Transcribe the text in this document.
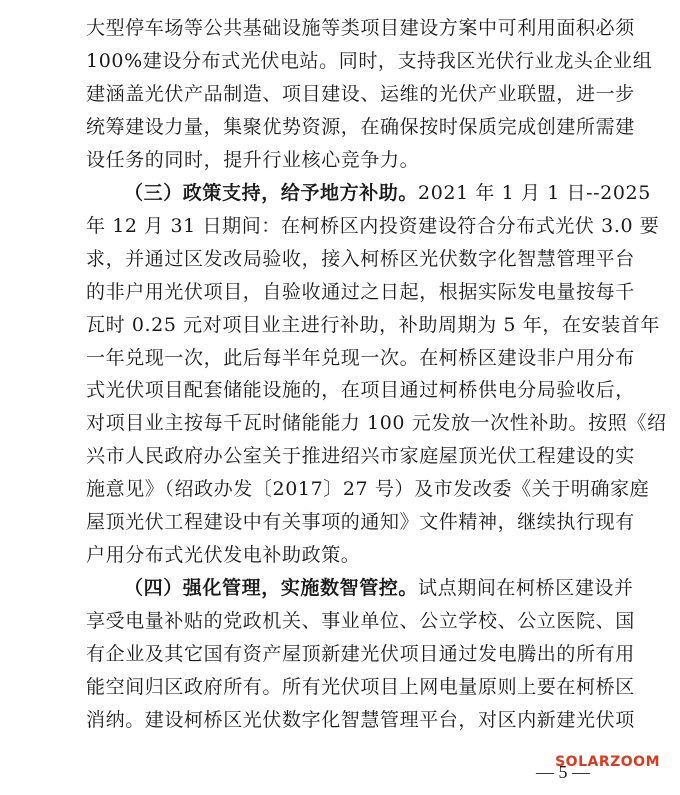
大型停车场等公共基础设施等类项目建设方案中可利用面积必须
100%建设分布式光伏电站。同时，支持我区光伏行业龙头企业组
建涵盖光伏产品制造、项目建设、运维的光伏产业联盟，进一步
统筹建设力量，集聚优势资源，在确保按时保质完成创建所需建
设任务的同时，提升行业核心竞争力。
（三）政策支持，给予地方补助。2021 年 1 月 1 日--2025
年 12 月 31 日期间：在柯桥区内投资建设符合分布式光伏 3.0 要
求，并通过区发改局验收，接入柯桥区光伏数字化智慧管理平台
的非户用光伏项目，自验收通过之日起，根据实际发电量按每千
瓦时 0.25 元对项目业主进行补助，补助周期为 5 年，在安装首年
一年兑现一次，此后每半年兑现一次。在柯桥区建设非户用分布
式光伏项目配套储能设施的，在项目通过柯桥供电分局验收后，
对项目业主按每千瓦时储能能力 100 元发放一次性补助。按照《绍
兴市人民政府办公室关于推进绍兴市家庭屋顶光伏工程建设的实
施意见》（绍政办发〔2017〕27 号）及市发改委《关于明确家庭
屋顶光伏工程建设中有关事项的通知》文件精神，继续执行现有
户用分布式光伏发电补助政策。
（四）强化管理，实施数智管控。试点期间在柯桥区建设并
享受电量补贴的党政机关、事业单位、公立学校、公立医院、国
有企业及其它国有资产屋顶新建光伏项目通过发电腾出的所有用
能空间归区政府所有。所有光伏项目上网电量原则上要在柯桥区
消纳。建设柯桥区光伏数字化智慧管理平台，对区内新建光伏项
SOLARZOOM
— 5 —
